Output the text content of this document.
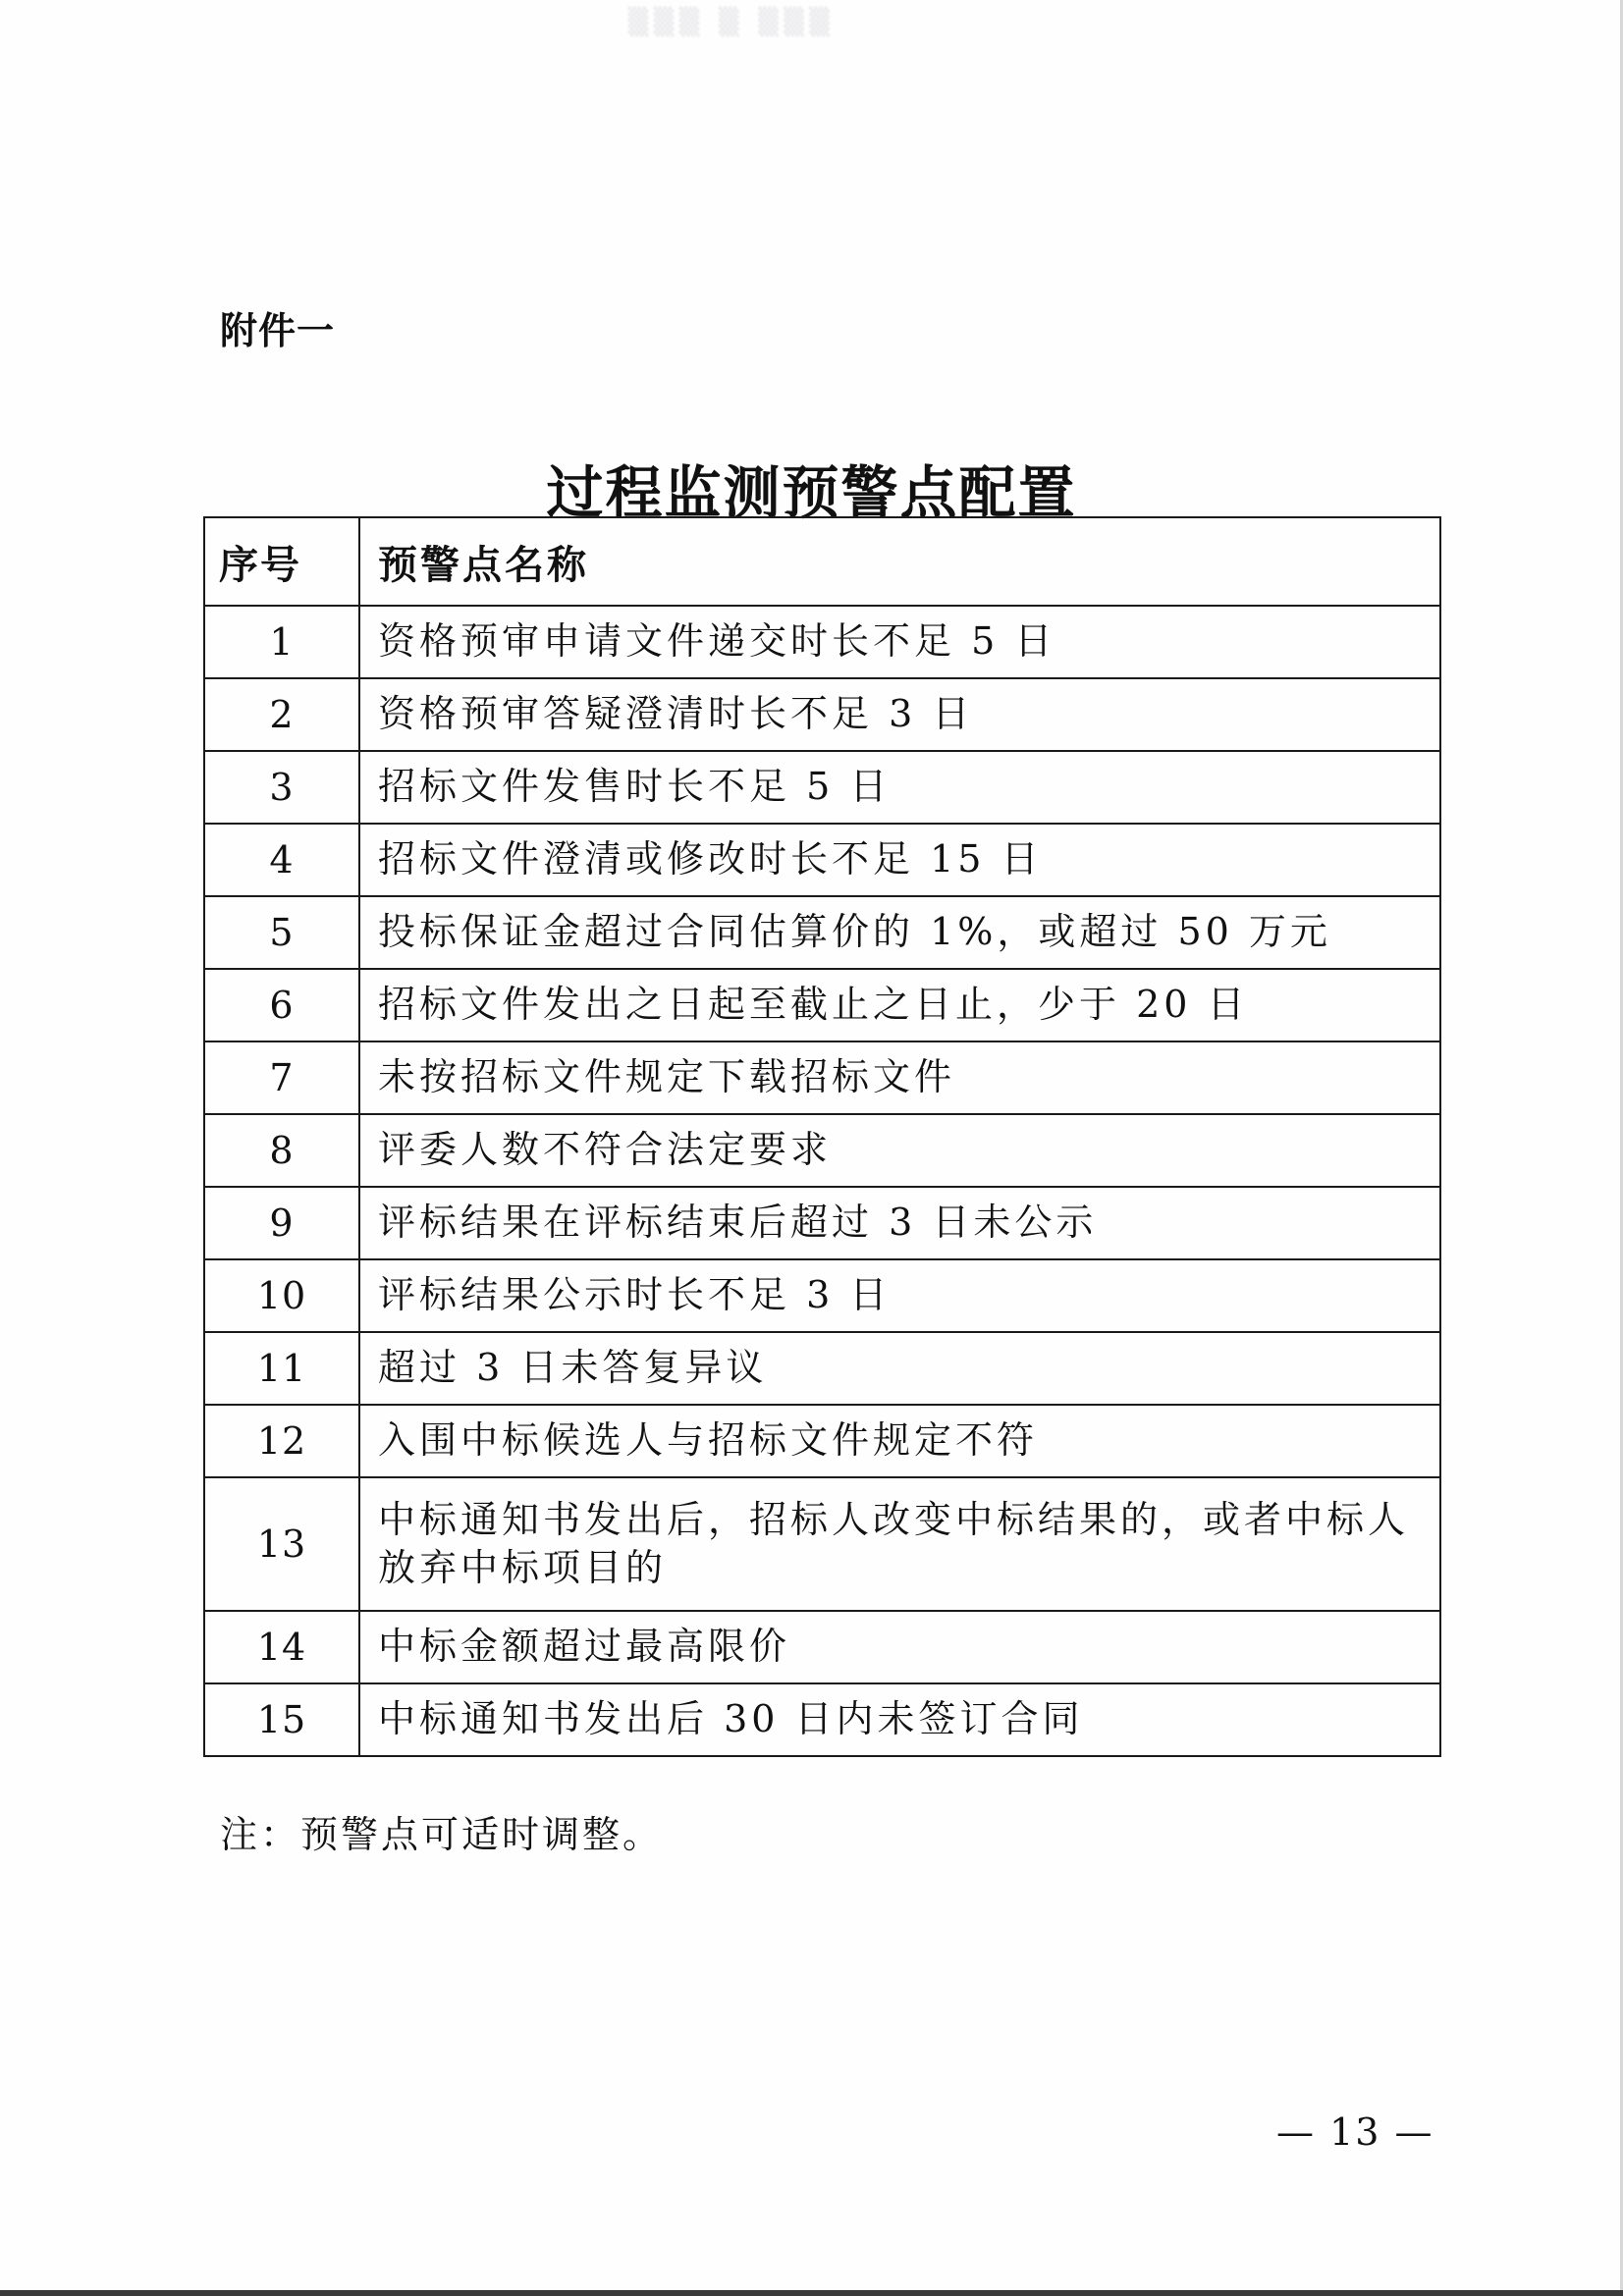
▒▒▒ ▒ ▒▒▒
附件一
过程监测预警点配置
序号	预警点名称
1	资格预审申请文件递交时长不足 5 日
2	资格预审答疑澄清时长不足 3 日
3	招标文件发售时长不足 5 日
4	招标文件澄清或修改时长不足 15 日
5	投标保证金超过合同估算价的 1%，或超过 50 万元
6	招标文件发出之日起至截止之日止，少于 20 日
7	未按招标文件规定下载招标文件
8	评委人数不符合法定要求
9	评标结果在评标结束后超过 3 日未公示
10	评标结果公示时长不足 3 日
11	超过 3 日未答复异议
12	入围中标候选人与招标文件规定不符
13	中标通知书发出后，招标人改变中标结果的，或者中标人放弃中标项目的
14	中标金额超过最高限价
15	中标通知书发出后 30 日内未签订合同
注：预警点可适时调整。
— 13 —
